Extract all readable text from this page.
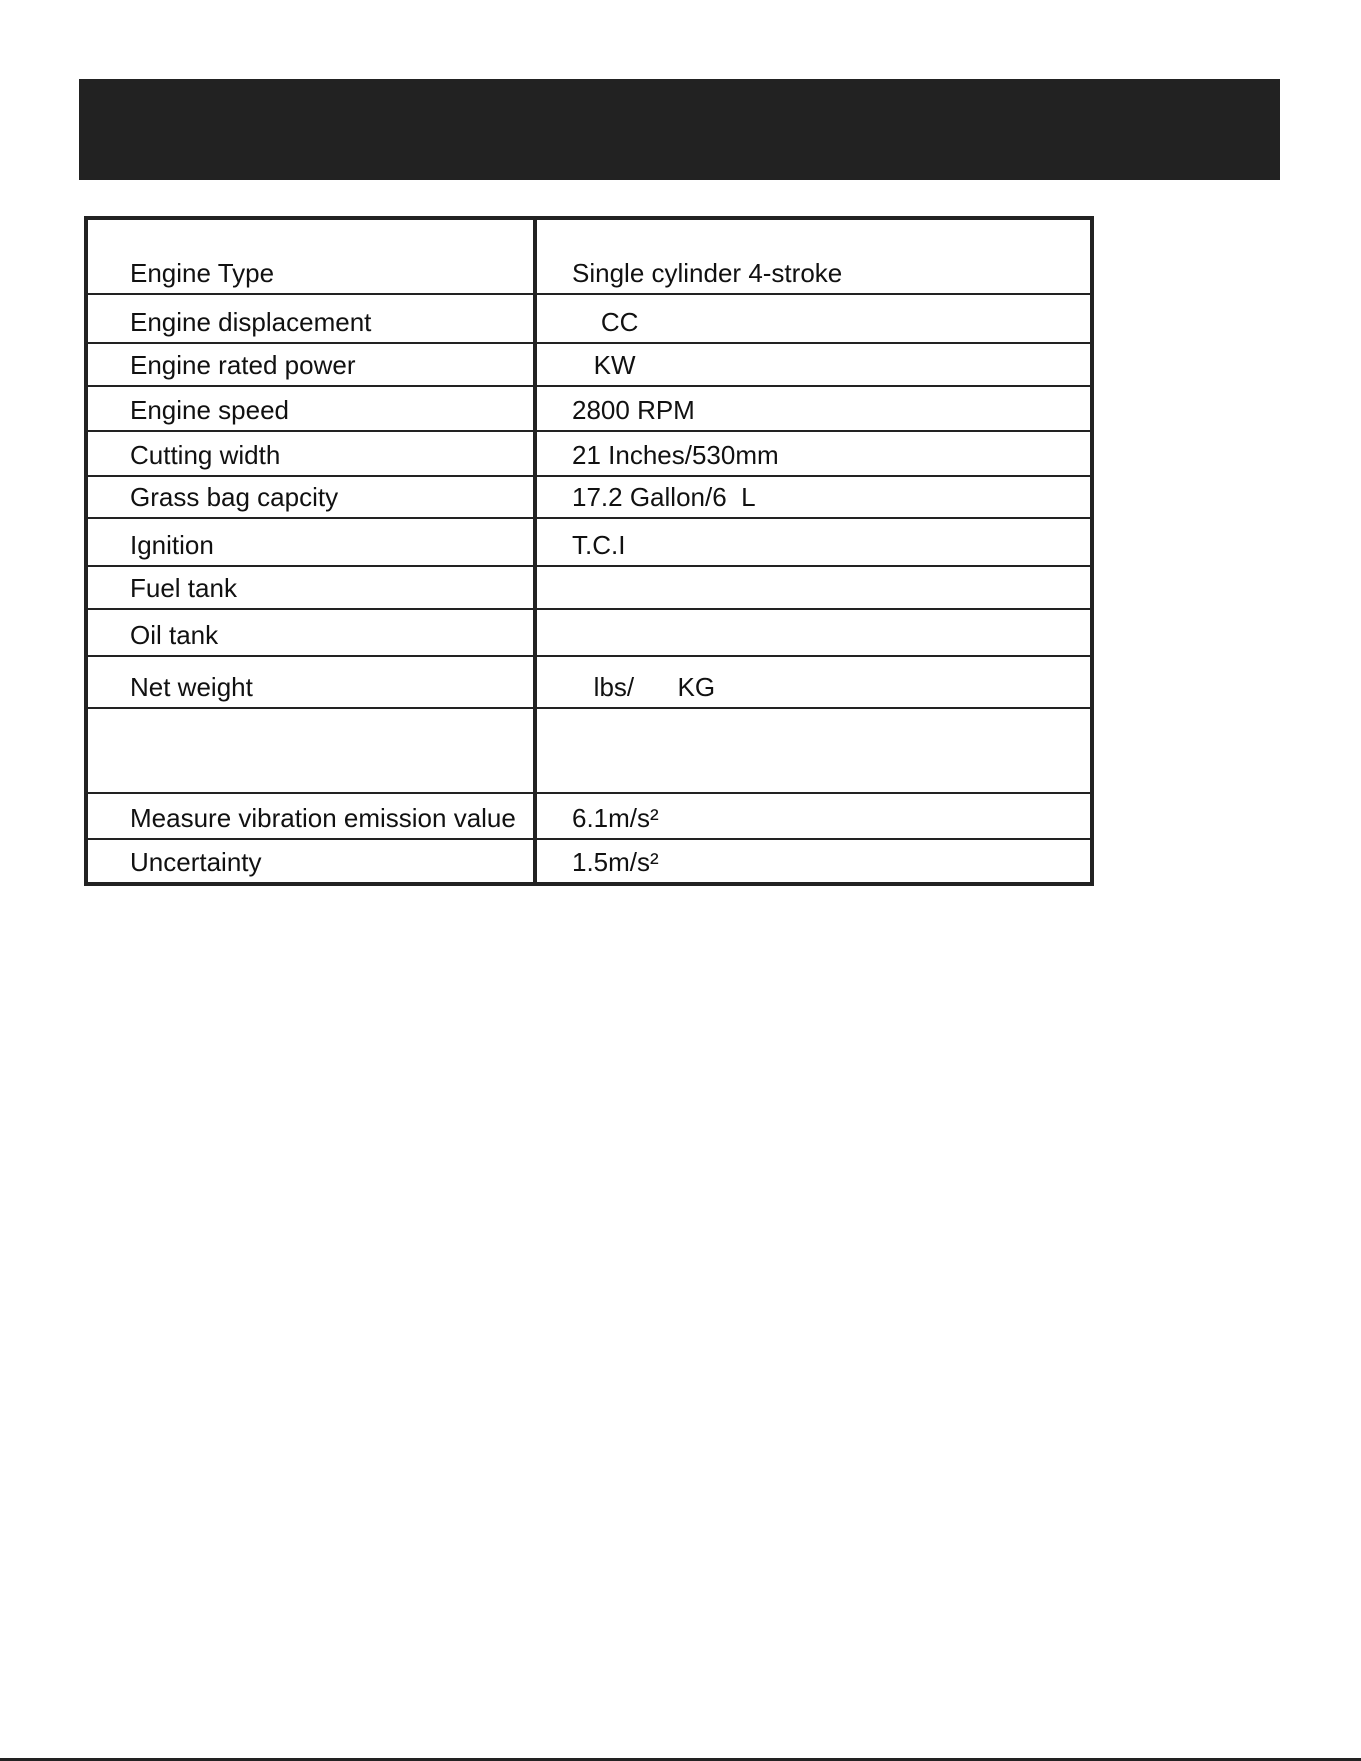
Engine Type	Single cylinder 4-stroke
Engine displacement	CC
Engine rated power	KW
Engine speed	2800 RPM
Cutting width	21 Inches/530mm
Grass bag capcity	17.2 Gallon/6  L
Ignition	T.C.I
Fuel tank	
Oil tank	
Net weight	lbs/      KG

Measure vibration emission value	6.1m/s²
Uncertainty	1.5m/s²
